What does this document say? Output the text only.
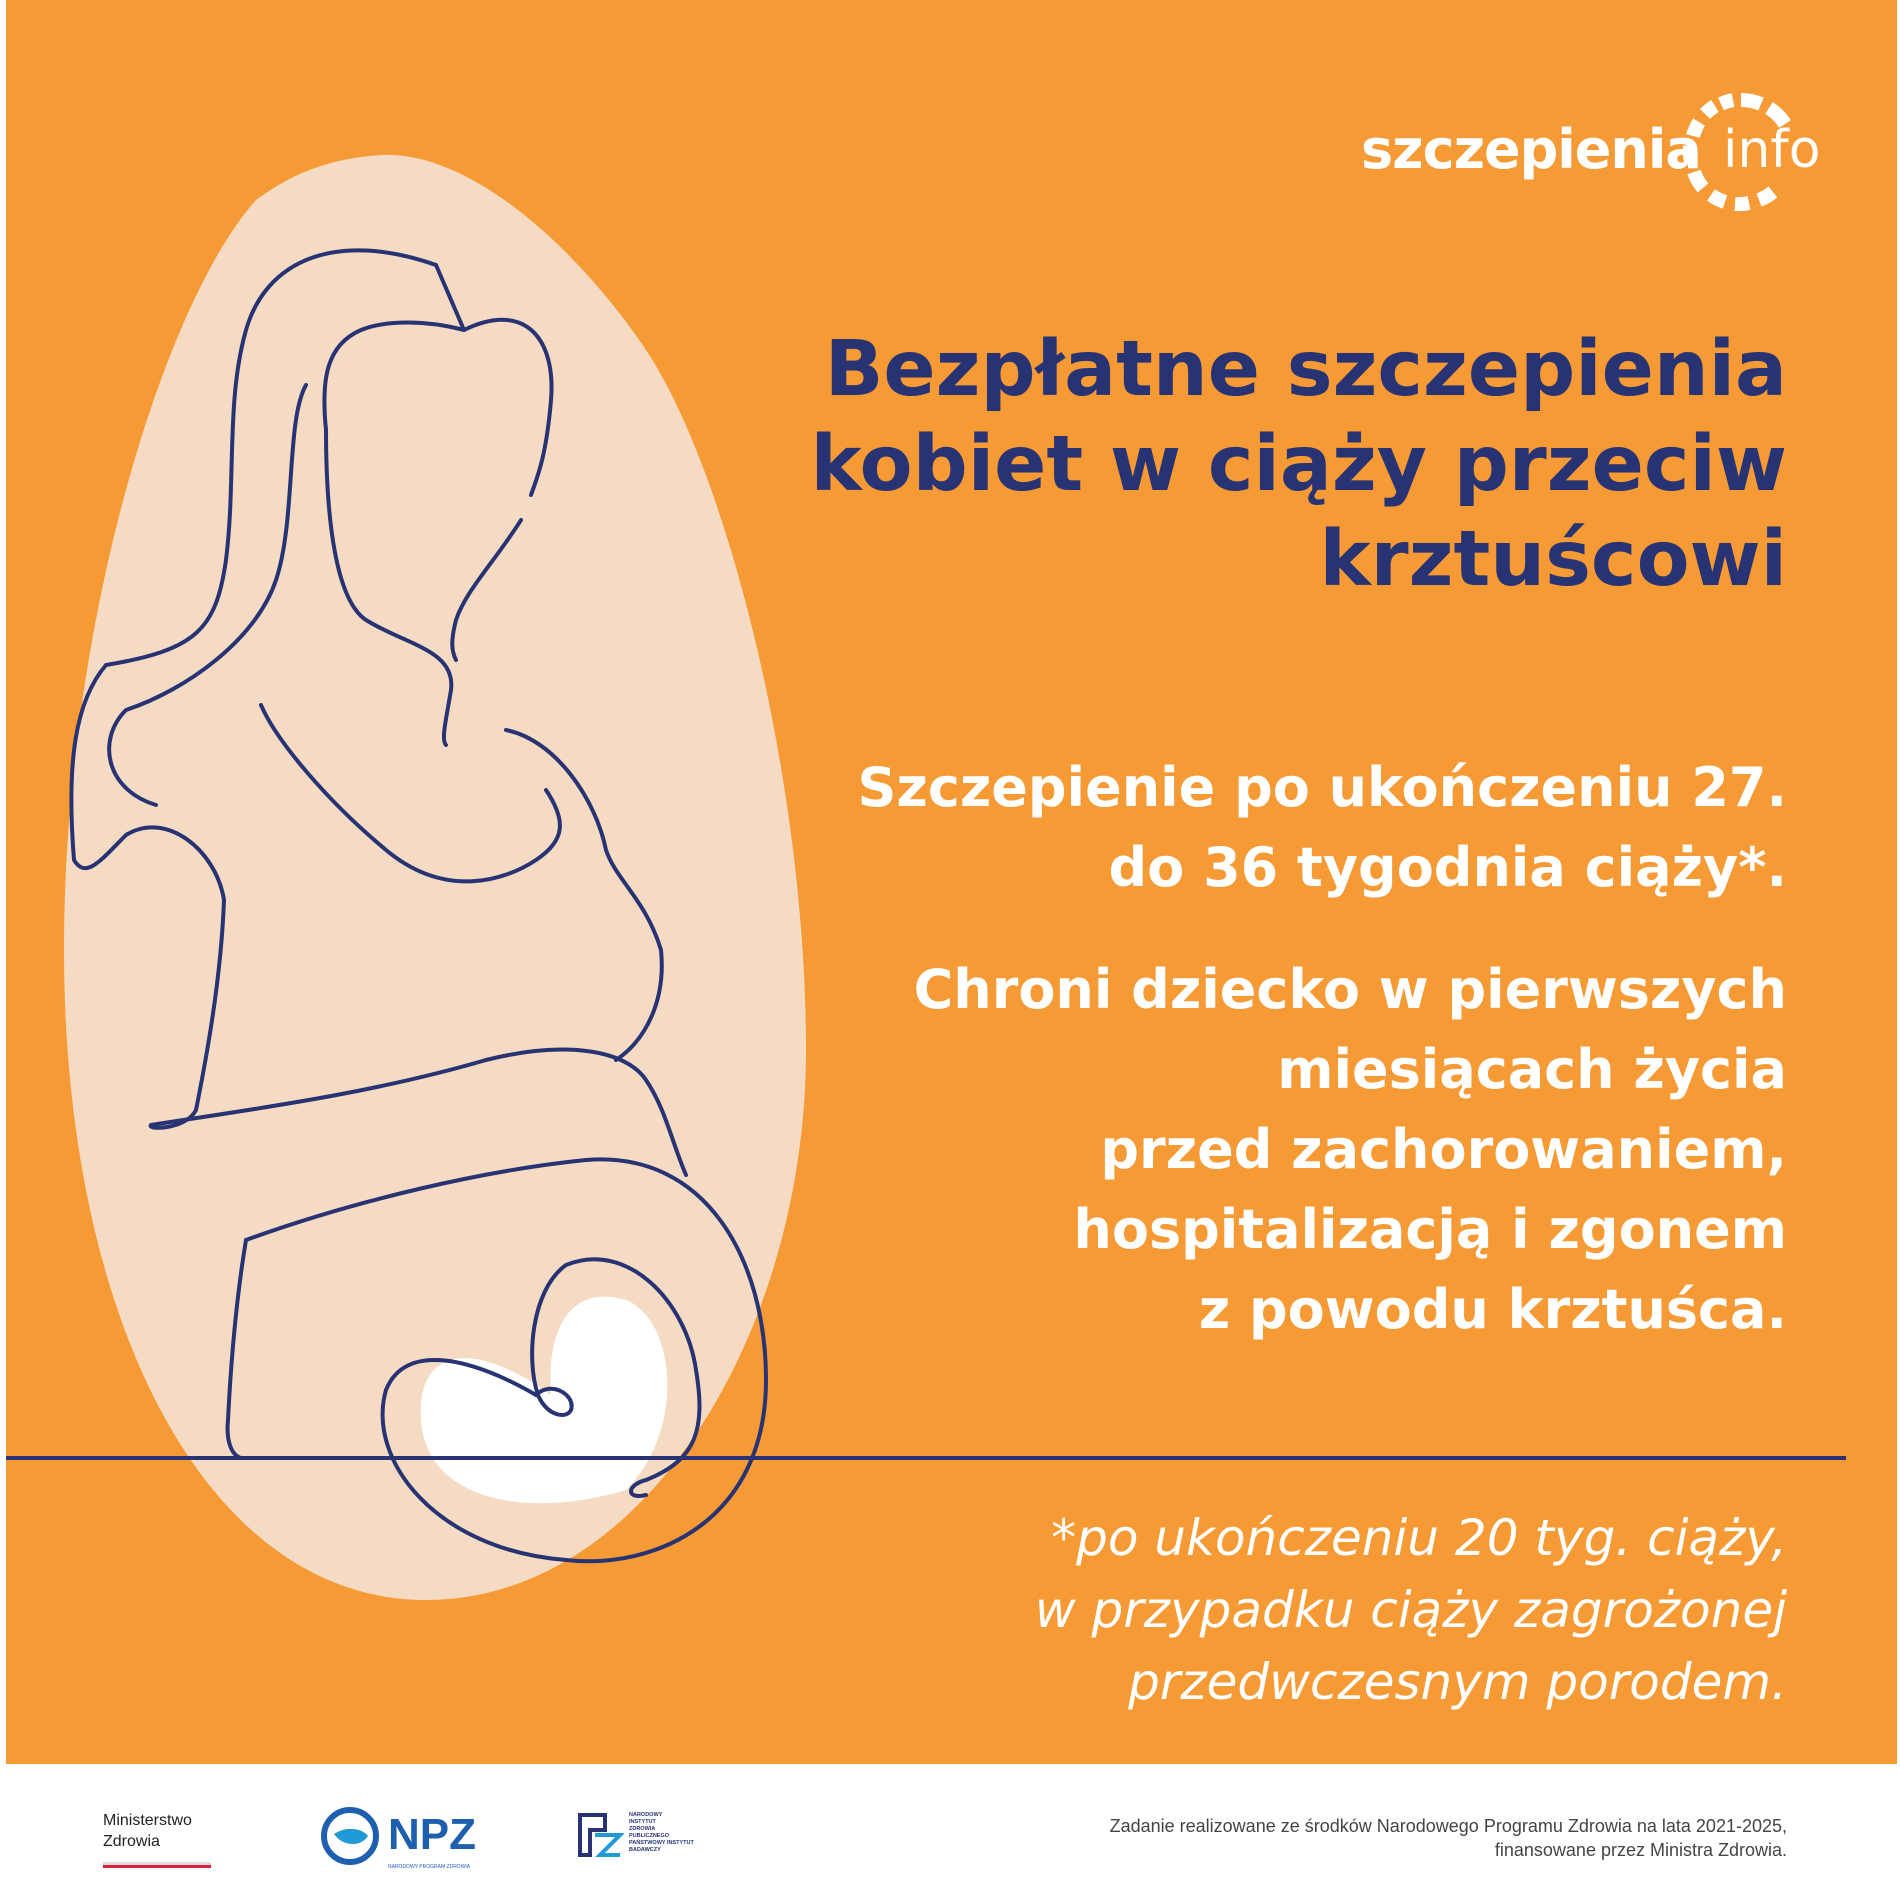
szczepienia info
Bezpłatne szczepienia
kobiet w ciąży przeciw
krztuścowi
Szczepienie po ukończeniu 27.
do 36 tygodnia ciąży*.
Chroni dziecko w pierwszych
miesiącach życia
przed zachorowaniem,
hospitalizacją i zgonem
z powodu krztuśca.
*po ukończeniu 20 tyg. ciąży,
w przypadku ciąży zagrożonej
przedwczesnym porodem.
Ministerstwo
Zdrowia	NPZ
NARODOWY PROGRAM ZDROWIA
NARODOWY
INSTYTUT
ZDROWIA
PUBLICZNEGO
PAŃSTWOWY INSTYTUT
BADAWCZY
Zadanie realizowane ze środków Narodowego Programu Zdrowia na lata 2021-2025,
finansowane przez Ministra Zdrowia.
